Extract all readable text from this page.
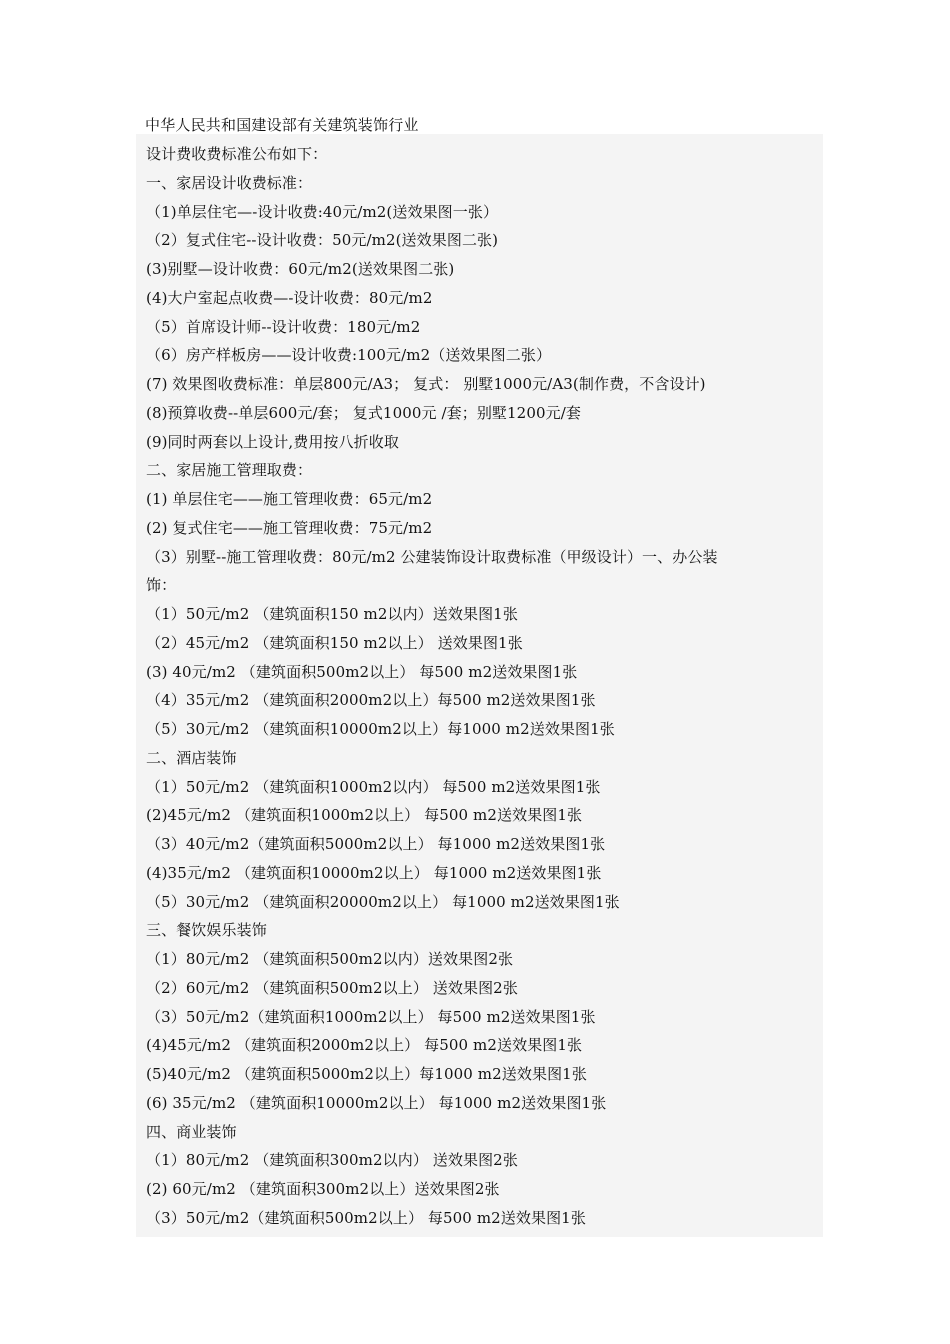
中华人民共和国建设部有关建筑装饰行业
设计费收费标准公布如下：
一、家居设计收费标准：
（1)单层住宅—-设计收费:40元/m2(送效果图一张）
（2）复式住宅--设计收费：50元/m2(送效果图二张)
(3)别墅—设计收费：60元/m2(送效果图二张)
(4)大户室起点收费—-设计收费：80元/m2
（5）首席设计师--设计收费：180元/m2
（6）房产样板房——设计收费:100元/m2（送效果图二张）
(7) 效果图收费标准：单层800元/A3； 复式： 别墅1000元/A3(制作费，不含设计)
(8)预算收费--单层600元/套； 复式1000元 /套；别墅1200元/套
(9)同时两套以上设计,费用按八折收取
二、家居施工管理取费：
(1) 单层住宅——施工管理收费：65元/m2
(2) 复式住宅——施工管理收费：75元/m2
（3）别墅--施工管理收费：80元/m2 公建装饰设计取费标准（甲级设计）一、办公装
饰：
（1）50元/m2 （建筑面积150 m2以内）送效果图1张
（2）45元/m2 （建筑面积150 m2以上） 送效果图1张
(3) 40元/m2 （建筑面积500m2以上） 每500 m2送效果图1张
（4）35元/m2 （建筑面积2000m2以上）每500 m2送效果图1张
（5）30元/m2 （建筑面积10000m2以上）每1000 m2送效果图1张
二、酒店装饰
（1）50元/m2 （建筑面积1000m2以内） 每500 m2送效果图1张
(2)45元/m2 （建筑面积1000m2以上） 每500 m2送效果图1张
（3）40元/m2（建筑面积5000m2以上） 每1000 m2送效果图1张
(4)35元/m2 （建筑面积10000m2以上） 每1000 m2送效果图1张
（5）30元/m2 （建筑面积20000m2以上） 每1000 m2送效果图1张
三、餐饮娱乐装饰
（1）80元/m2 （建筑面积500m2以内）送效果图2张
（2）60元/m2 （建筑面积500m2以上） 送效果图2张
（3）50元/m2（建筑面积1000m2以上） 每500 m2送效果图1张
(4)45元/m2 （建筑面积2000m2以上） 每500 m2送效果图1张
(5)40元/m2 （建筑面积5000m2以上）每1000 m2送效果图1张
(6) 35元/m2 （建筑面积10000m2以上） 每1000 m2送效果图1张
四、商业装饰
（1）80元/m2 （建筑面积300m2以内） 送效果图2张
(2) 60元/m2 （建筑面积300m2以上）送效果图2张
（3）50元/m2（建筑面积500m2以上） 每500 m2送效果图1张
